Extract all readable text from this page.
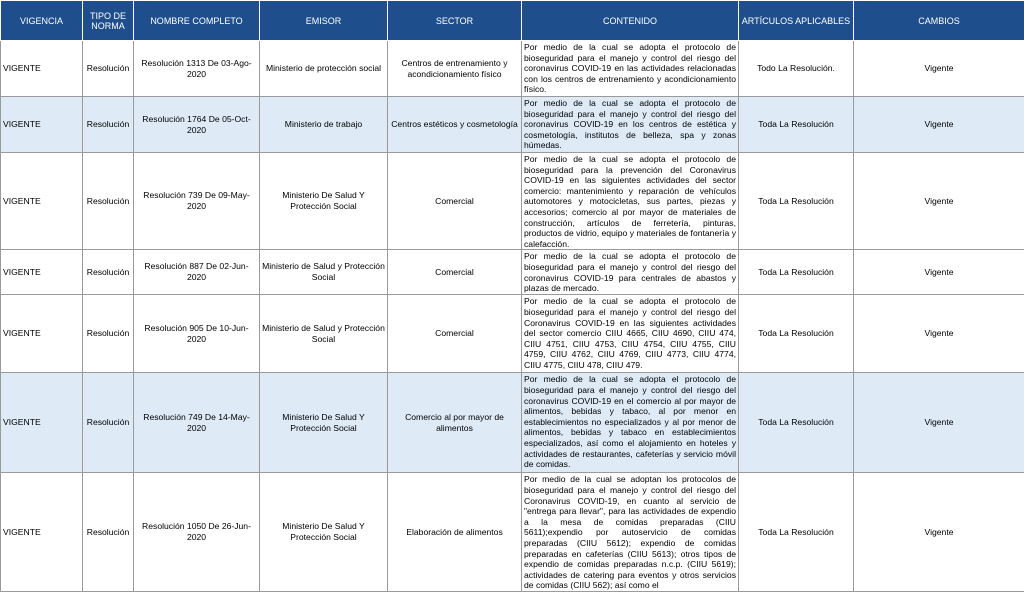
VIGENCIA	TIPO DE NORMA	NOMBRE COMPLETO	EMISOR	SECTOR	CONTENIDO	ARTÍCULOS APLICABLES	CAMBIOS
VIGENTE	Resolución	Resolución 1313 De 03-Ago-2020	Ministerio de protección social	Centros de entrenamiento y acondicionamiento físico	Por medio de la cual se adopta el protocolo de bioseguridad para el manejo y control del riesgo del coronavirus COVID-19 en las actividades relacionadas con los centros de entrenamiento y acondicionamiento físico.	Todo La Resolución.	Vigente
VIGENTE	Resolución	Resolución 1764 De 05-Oct-2020	Ministerio de trabajo	Centros estéticos y cosmetología	Por medio de la cual se adopta el protocolo de bioseguridad para el manejo y control del riesgo del coronavirus COVID-19 en los centros de estética y cosmetología, institutos de belleza, spa y zonas húmedas.	Toda La Resolución	Vigente
VIGENTE	Resolución	Resolución 739 De 09-May-2020	Ministerio De Salud Y Protección Social	Comercial	Por medio de la cual se adopta el protocolo de bioseguridad para la prevención del Coronavirus COVID-19 en las siguientes actividades del sector comercio: mantenimiento y reparación de vehículos automotores y motocicletas, sus partes, piezas y accesorios; comercio al por mayor de materiales de construcción, artículos de ferretería, pinturas, productos de vidrio, equipo y materiales de fontanería y calefacción.	Toda La Resolución	Vigente
VIGENTE	Resolución	Resolución 887 De 02-Jun-2020	Ministerio de Salud y Protección Social	Comercial	Por medio de la cual se adopta el protocolo de bioseguridad para el manejo y control del riesgo del coronavirus COVID-19 para centrales de abastos y plazas de mercado.	Toda La Resolución	Vigente
VIGENTE	Resolución	Resolución 905 De 10-Jun-2020	Ministerio de Salud y Protección Social	Comercial	Por medio de la cual se adopta el protocolo de bioseguridad para el manejo y control del riesgo del Coronavirus COVID-19 en las siguientes actividades del sector comercio CIIU 4665, CIIU 4690, CIIU 474, CIIU 4751, CIIU 4753, CIIU 4754, CIIU 4755, CIIU 4759, CIIU 4762, CIIU 4769, CIIU 4773, CIIU 4774, CIIU 4775, CIIU 478, CIIU 479.	Toda La Resolución	Vigente
VIGENTE	Resolución	Resolución 749 De 14-May-2020	Ministerio De Salud Y Protección Social	Comercio al por mayor de alimentos	Por medio de la cual se adopta el protocolo de bioseguridad para el manejo y control del riesgo del coronavirus COVID-19 en el comercio al por mayor de alimentos, bebidas y tabaco, al por menor en establecimientos no especializados y al por menor de alimentos, bebidas y tabaco en establecimientos especializados, así como el alojamiento en hoteles y actividades de restaurantes, cafeterías y servicio móvil de comidas.	Toda La Resolución	Vigente
VIGENTE	Resolución	Resolución 1050 De 26-Jun-2020	Ministerio De Salud Y Protección Social	Elaboración de alimentos	Por medio de la cual se adoptan los protocolos de bioseguridad para el manejo y control del riesgo del Coronavirus COVID-19, en cuanto al servicio de "entrega para llevar", para las actividades de expendio a la mesa de comidas preparadas (CIIU 5611);expendio por autoservicio de comidas preparadas (CIIU 5612); expendio de comidas preparadas en cafeterías (CIIU 5613); otros tipos de expendio de comidas preparadas n.c.p. (CIIU 5619); actividades de catering para eventos y otros servicios de comidas (CIIU 562); así como el	Toda La Resolución	Vigente
